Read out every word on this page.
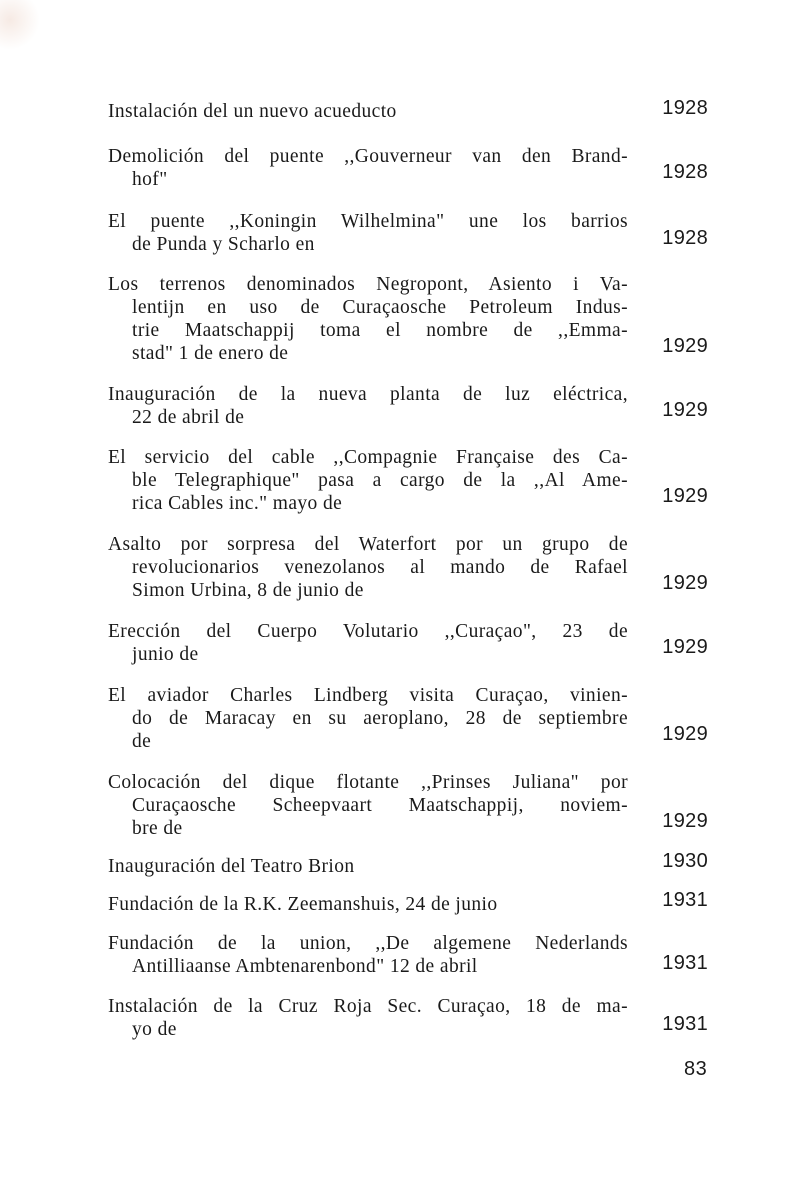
Instalación del un nuevo acueducto	1928
Demolición del puente ,,Gouverneur van den Brand-
hof"	1928
El puente ,,Koningin Wilhelmina" une los barrios
de Punda y Scharlo en	1928
Los terrenos denominados Negropont, Asiento i Va-
lentijn en uso de Curaçaosche Petroleum Indus-
trie Maatschappij toma el nombre de ,,Emma-
stad" 1 de enero de	1929
Inauguración de la nueva planta de luz eléctrica,
22 de abril de	1929
El servicio del cable ,,Compagnie Française des Ca-
ble Telegraphique" pasa a cargo de la ,,Al Ame-
rica Cables inc." mayo de	1929
Asalto por sorpresa del Waterfort por un grupo de
revolucionarios venezolanos al mando de Rafael
Simon Urbina, 8 de junio de	1929
Erección del Cuerpo Volutario ,,Curaçao", 23 de
junio de	1929
El aviador Charles Lindberg visita Curaçao, vinien-
do de Maracay en su aeroplano, 28 de septiembre
de	1929
Colocación del dique flotante ,,Prinses Juliana" por
Curaçaosche Scheepvaart Maatschappij, noviem-
bre de	1929
Inauguración del Teatro Brion	1930
Fundación de la R.K. Zeemanshuis, 24 de junio	1931
Fundación de la union, ,,De algemene Nederlands
Antilliaanse Ambtenarenbond" 12 de abril	1931
Instalación de la Cruz Roja Sec. Curaçao, 18 de ma-
yo de	1931
83
